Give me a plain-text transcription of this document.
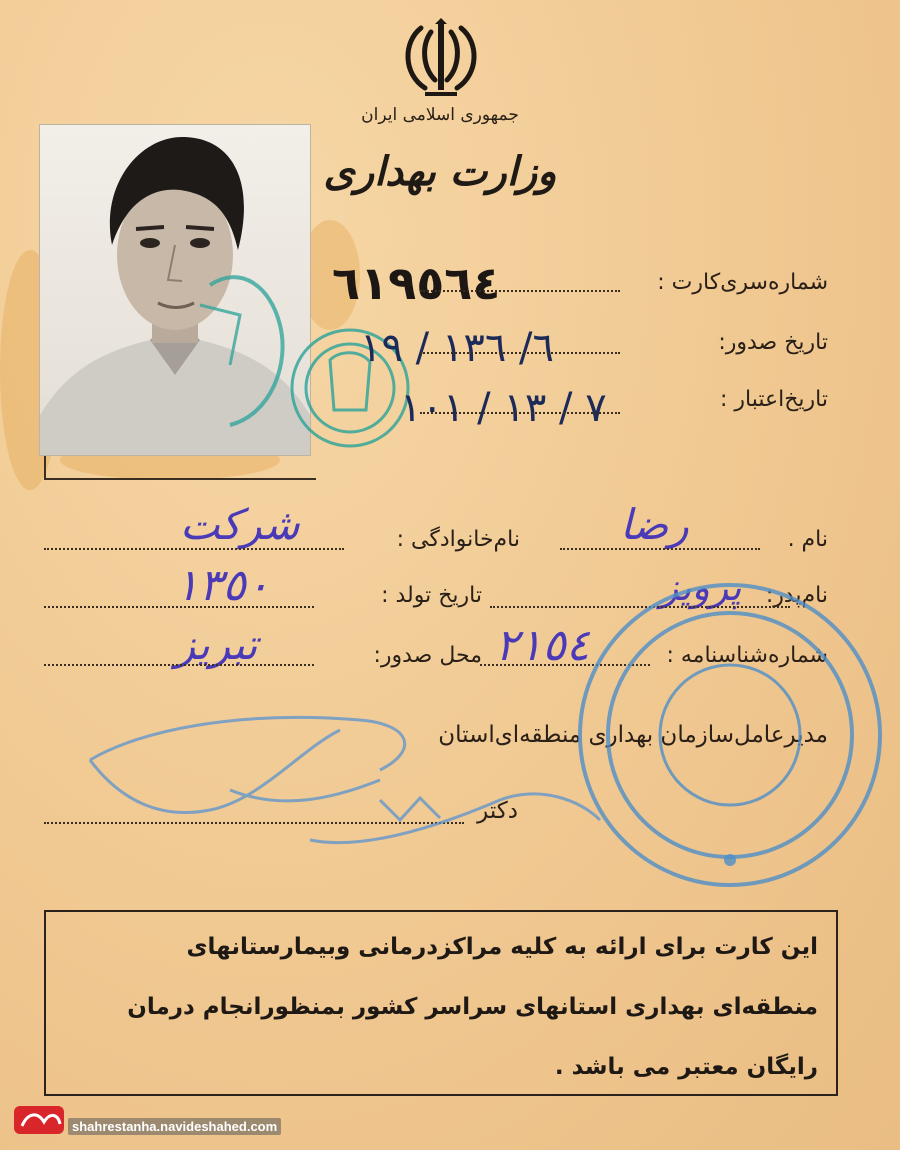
جمهوری اسلامی ایران
وزارت بهداری
٦١٩٥٦٤	شماره‌سری‌کارت :
٦/ ١٣٦ / ١٩	تاریخ صدور:
٧ / ١٣ / ١٠١	تاریخ‌اعتبار :
نام .
رضا
نام‌خانوادگی :
شرکت
نام‌پدر:
پرویز
تاریخ تولد :
١٣٥٠
شماره‌شناسنامه :
٢١٥٤
محل صدور:
تبریز
مدیرعامل‌سازمان بهداری منطقه‌ای‌استان
دکتر
این کارت برای ارائه به کلیه مراکزدرمانی وبیمارستانهای
منطقه‌ای بهداری استانهای سراسر کشور بمنظورانجام درمان
رایگان معتبر می باشد .
shahrestanha.navideshahed.com
